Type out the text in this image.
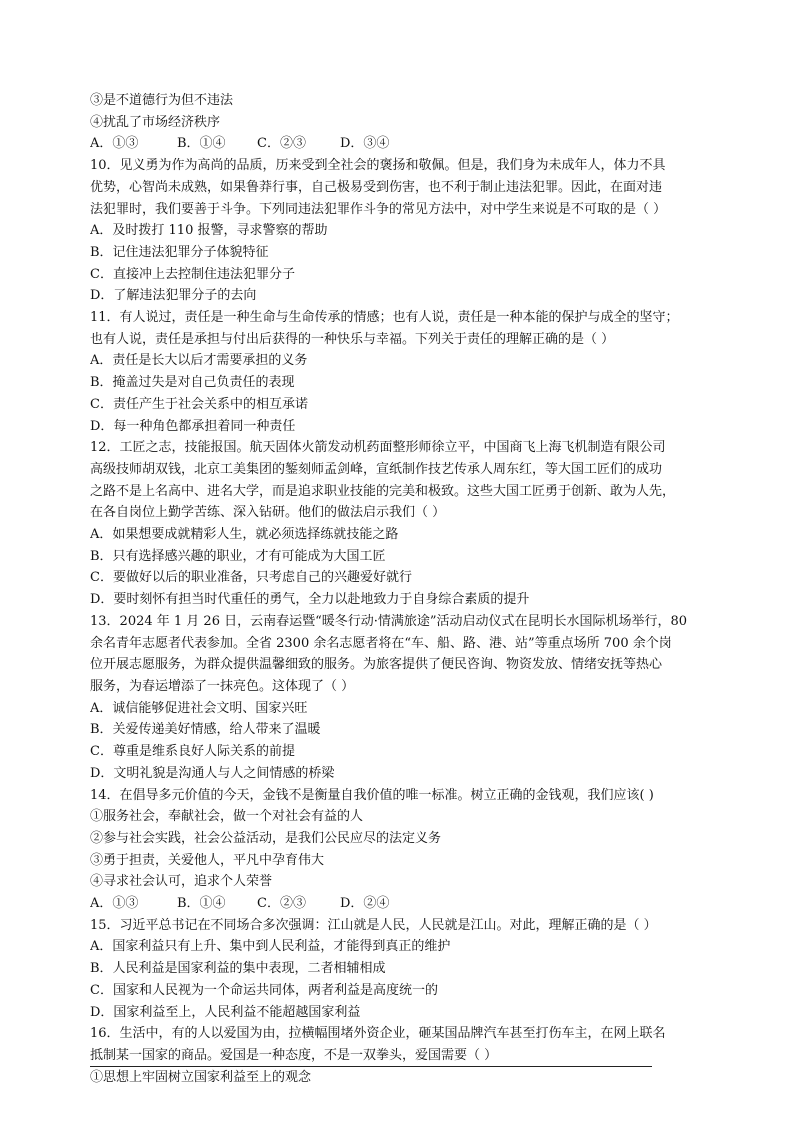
③是不道德行为但不违法
④扰乱了市场经济秩序
A．①③	B．①④ C．②③	D．③④
10．见义勇为作为高尚的品质，历来受到全社会的褒扬和敬佩。但是，我们身为未成年人，体力不具
优势，心智尚未成熟，如果鲁莽行事，自己极易受到伤害，也不利于制止违法犯罪。因此，在面对违
法犯罪时，我们要善于斗争。下列同违法犯罪作斗争的常见方法中，对中学生来说是不可取的是（ ）
A．及时拨打 110 报警，寻求警察的帮助
B．记住违法犯罪分子体貌特征
C．直接冲上去控制住违法犯罪分子
D．了解违法犯罪分子的去向
11．有人说过，责任是一种生命与生命传承的情感；也有人说，责任是一种本能的保护与成全的坚守；
也有人说，责任是承担与付出后获得的一种快乐与幸福。下列关于责任的理解正确的是（ ）
A．责任是长大以后才需要承担的义务
B．掩盖过失是对自己负责任的表现
C．责任产生于社会关系中的相互承诺
D．每一种角色都承担着同一种责任
12．工匠之志，技能报国。航天固体火箭发动机药面整形师徐立平，中国商飞上海飞机制造有限公司
高级技师胡双钱，北京工美集团的錾刻师孟剑峰，宣纸制作技艺传承人周东红，等大国工匠们的成功
之路不是上名高中、进名大学，而是追求职业技能的完美和极致。这些大国工匠勇于创新、敢为人先，
在各自岗位上勤学苦练、深入钻研。他们的做法启示我们（ ）
A．如果想要成就精彩人生，就必须选择练就技能之路
B．只有选择感兴趣的职业，才有可能成为大国工匠
C．要做好以后的职业准备，只考虑自己的兴趣爱好就行
D．要时刻怀有担当时代重任的勇气，全力以赴地致力于自身综合素质的提升
13．2024 年 1 月 26 日，云南春运暨“暖冬行动·情满旅途”活动启动仪式在昆明长水国际机场举行，80
余名青年志愿者代表参加。全省 2300 余名志愿者将在“车、船、路、港、站”等重点场所 700 余个岗
位开展志愿服务，为群众提供温馨细致的服务。为旅客提供了便民咨询、物资发放、情绪安抚等热心
服务，为春运增添了一抹亮色。这体现了（ ）
A．诚信能够促进社会文明、国家兴旺
B．关爱传递美好情感，给人带来了温暖
C．尊重是维系良好人际关系的前提
D．文明礼貌是沟通人与人之间情感的桥梁
14．在倡导多元价值的今天，金钱不是衡量自我价值的唯一标准。树立正确的金钱观，我们应该( )
①服务社会，奉献社会，做一个对社会有益的人
②参与社会实践，社会公益活动，是我们公民应尽的法定义务
③勇于担责，关爱他人，平凡中孕育伟大
④寻求社会认可，追求个人荣誉
A．①③	B．①④ C．②③	D．②④
15．习近平总书记在不同场合多次强调：江山就是人民，人民就是江山。对此，理解正确的是（ ）
A．国家利益只有上升、集中到人民利益，才能得到真正的维护
B．人民利益是国家利益的集中表现，二者相辅相成
C．国家和人民视为一个命运共同体，两者利益是高度统一的
D．国家利益至上，人民利益不能超越国家利益
16．生活中，有的人以爱国为由，拉横幅围堵外资企业，砸某国品牌汽车甚至打伤车主，在网上联名
抵制某一国家的商品。爱国是一种态度，不是一双拳头，爱国需要（ ）
①思想上牢固树立国家利益至上的观念
